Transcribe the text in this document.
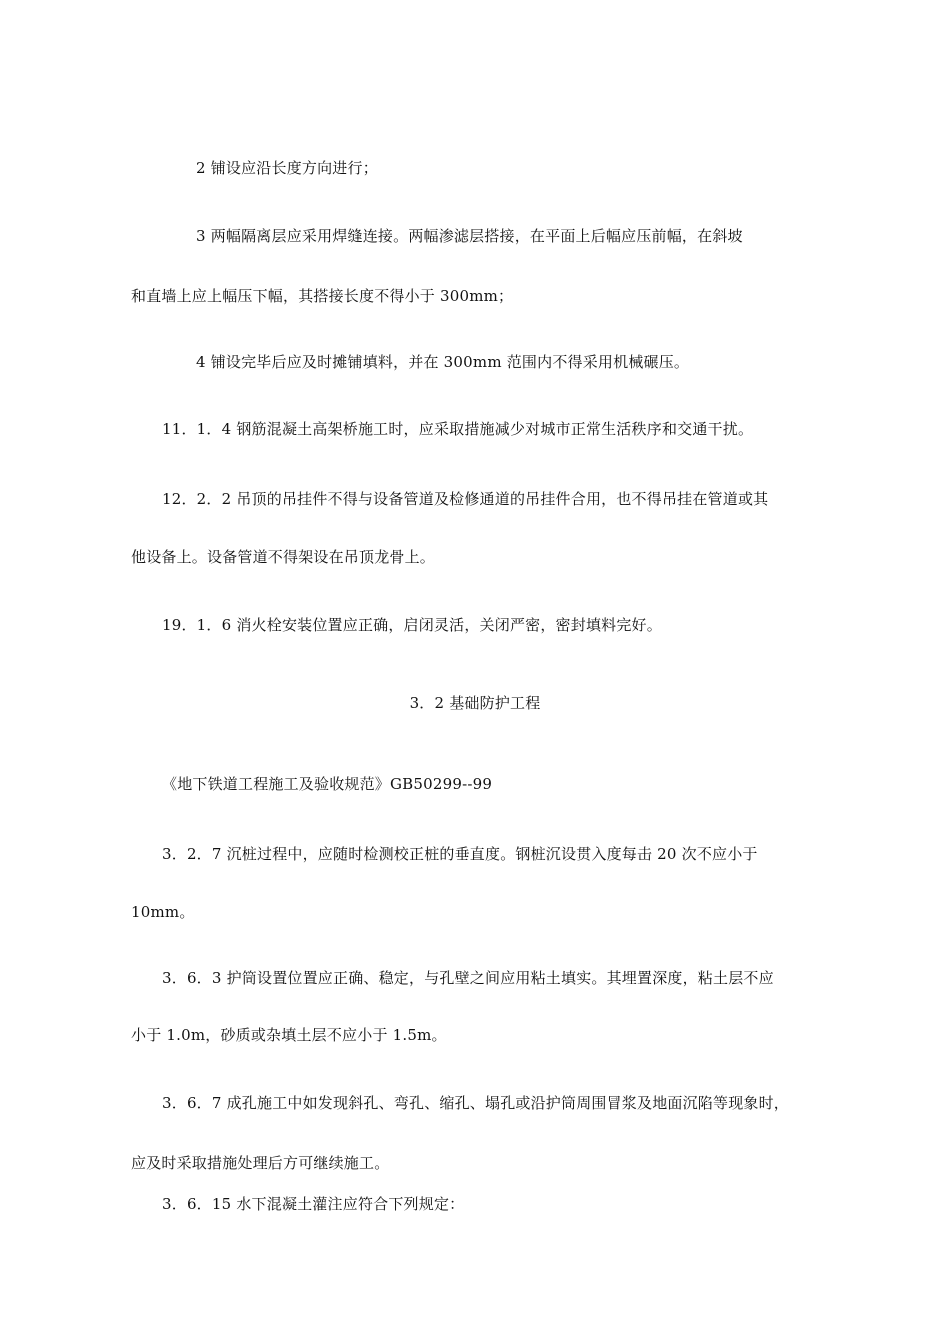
2 铺设应沿长度方向进行；

3 两幅隔离层应采用焊缝连接。两幅渗滤层搭接，在平面上后幅应压前幅，在斜坡

和直墙上应上幅压下幅，其搭接长度不得小于 300mm；

4 铺设完毕后应及时摊铺填料，并在 300mm 范围内不得采用机械碾压。

11．1．4 钢筋混凝土高架桥施工时，应采取措施减少对城市正常生活秩序和交通干扰。

12．2．2 吊顶的吊挂件不得与设备管道及检修通道的吊挂件合用，也不得吊挂在管道或其

他设备上。设备管道不得架设在吊顶龙骨上。

19．1．6 消火栓安装位置应正确，启闭灵活，关闭严密，密封填料完好。

3．2 基础防护工程

《地下铁道工程施工及验收规范》GB50299--99

3．2．7 沉桩过程中，应随时检测校正桩的垂直度。钢桩沉设贯入度每击 20 次不应小于

10mm。

3．6．3 护筒设置位置应正确、稳定，与孔壁之间应用粘土填实。其埋置深度，粘土层不应

小于 1.0m，砂质或杂填土层不应小于 1.5m。

3．6．7 成孔施工中如发现斜孔、弯孔、缩孔、塌孔或沿护筒周围冒浆及地面沉陷等现象时，

应及时采取措施处理后方可继续施工。

3．6．15 水下混凝土灌注应符合下列规定：
